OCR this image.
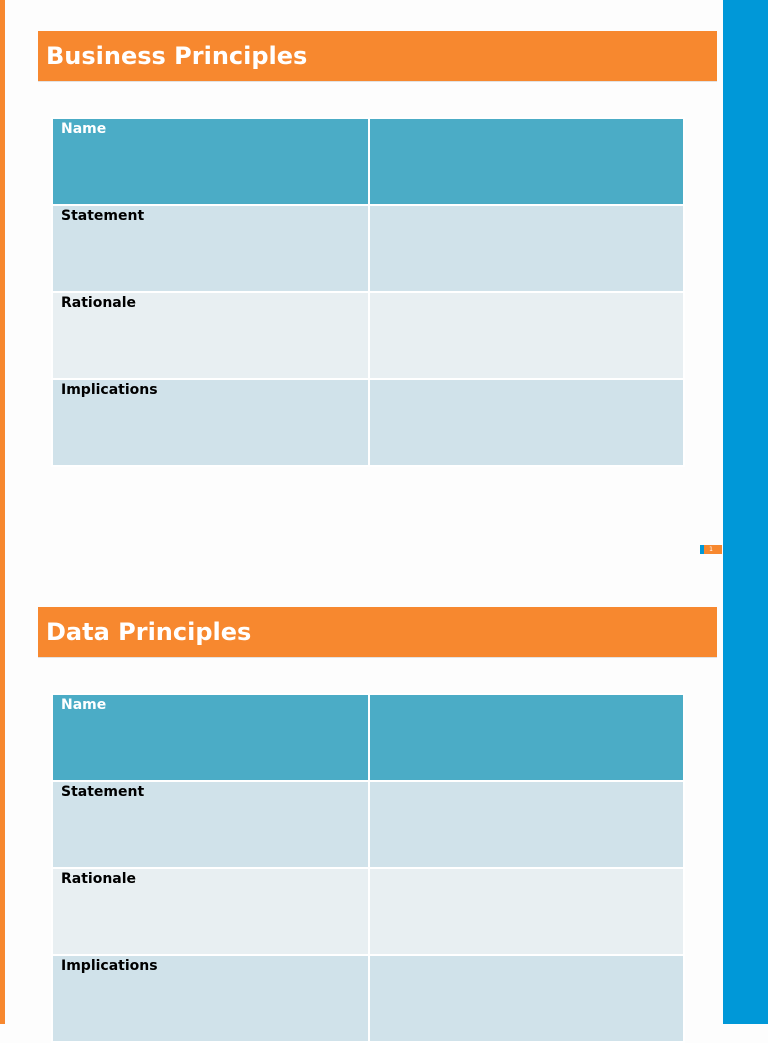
1
Business Principles
Name	
Statement	
Rationale	
Implications	
Data Principles
Name	
Statement	
Rationale	
Implications	
